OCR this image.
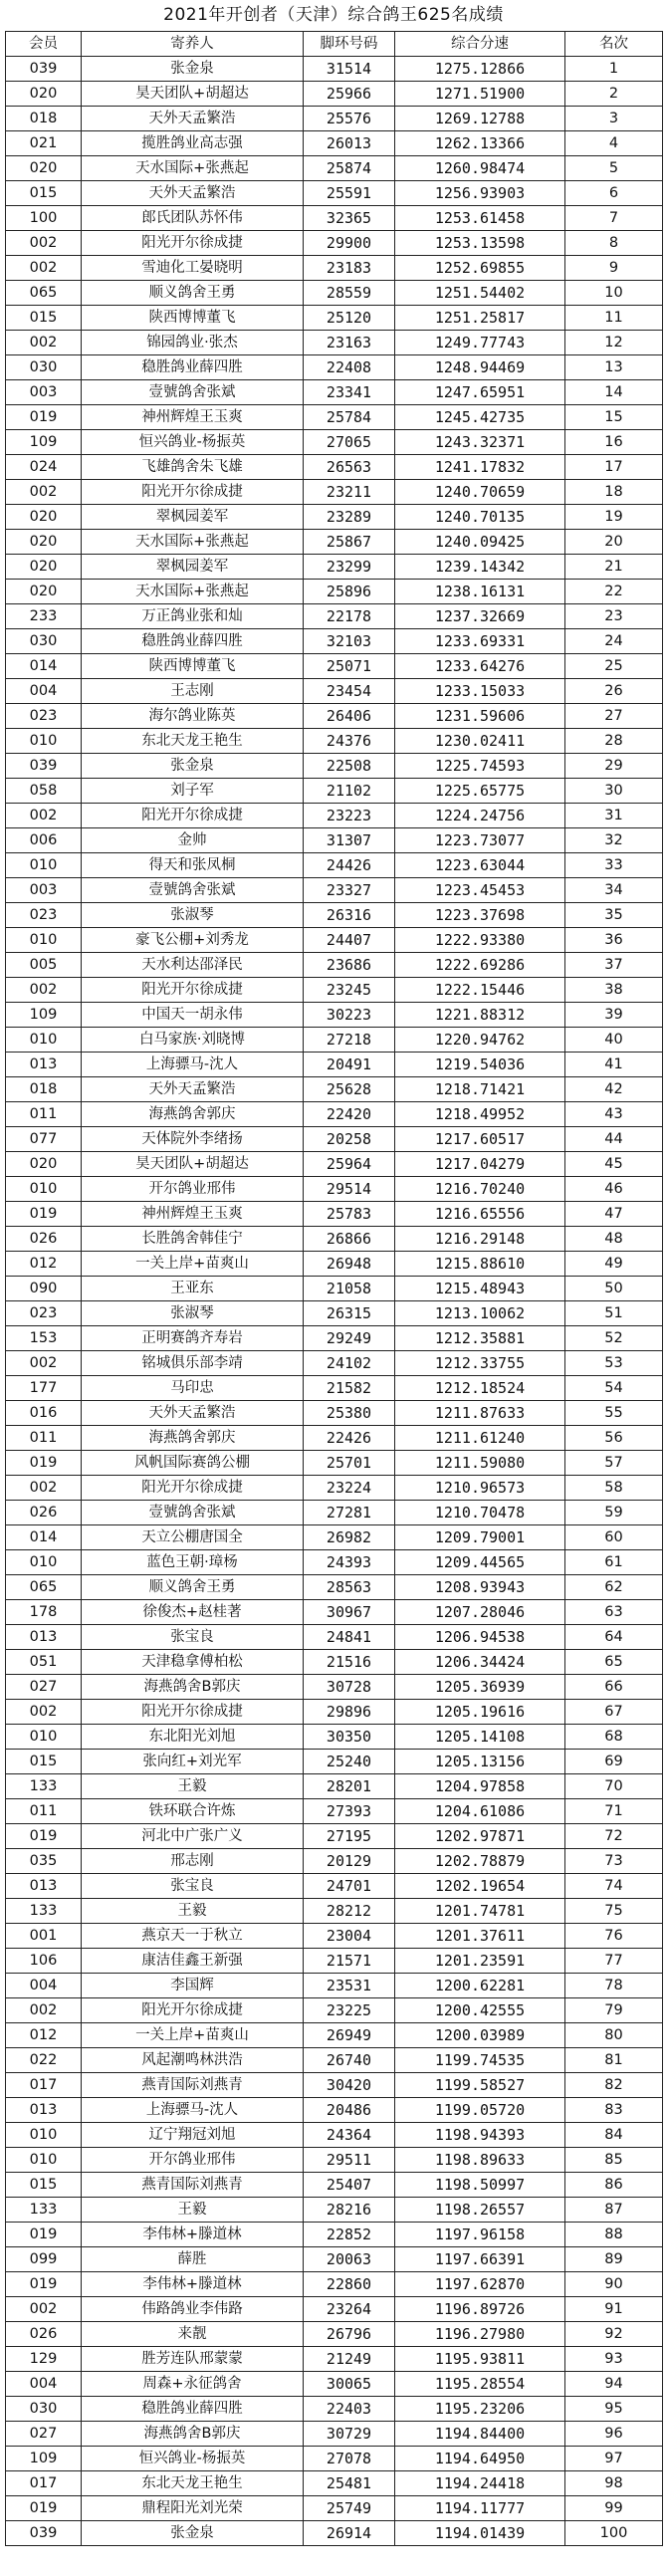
2021年开创者（天津）综合鸽王625名成绩
会员	寄养人	脚环号码	综合分速	名次
039	张金泉	31514	1275.12866	1
020	昊天团队+胡超达	25966	1271.51900	2
018	天外天孟繁浩	25576	1269.12788	3
021	揽胜鸽业高志强	26013	1262.13366	4
020	天水国际+张燕起	25874	1260.98474	5
015	天外天孟繁浩	25591	1256.93903	6
100	郎氏团队苏怀伟	32365	1253.61458	7
002	阳光开尔徐成捷	29900	1253.13598	8
002	雪迪化工晏晓明	23183	1252.69855	9
065	顺义鸽舍王勇	28559	1251.54402	10
015	陕西博博董飞	25120	1251.25817	11
002	锦园鸽业·张杰	23163	1249.77743	12
030	稳胜鸽业薛四胜	22408	1248.94469	13
003	壹號鸽舍张斌	23341	1247.65951	14
019	神州辉煌王玉爽	25784	1245.42735	15
109	恒兴鸽业-杨振英	27065	1243.32371	16
024	飞雄鸽舍朱飞雄	26563	1241.17832	17
002	阳光开尔徐成捷	23211	1240.70659	18
020	翠枫园姜军	23289	1240.70135	19
020	天水国际+张燕起	25867	1240.09425	20
020	翠枫园姜军	23299	1239.14342	21
020	天水国际+张燕起	25896	1238.16131	22
233	万正鸽业张和灿	22178	1237.32669	23
030	稳胜鸽业薛四胜	32103	1233.69331	24
014	陕西博博董飞	25071	1233.64276	25
004	王志刚	23454	1233.15033	26
023	海尔鸽业陈英	26406	1231.59606	27
010	东北天龙王艳生	24376	1230.02411	28
039	张金泉	22508	1225.74593	29
058	刘子军	21102	1225.65775	30
002	阳光开尔徐成捷	23223	1224.24756	31
006	金帅	31307	1223.73077	32
010	得天和张凤桐	24426	1223.63044	33
003	壹號鸽舍张斌	23327	1223.45453	34
023	张淑琴	26316	1223.37698	35
010	豪飞公棚+刘秀龙	24407	1222.93380	36
005	天水利达邵泽民	23686	1222.69286	37
002	阳光开尔徐成捷	23245	1222.15446	38
109	中国天一胡永伟	30223	1221.88312	39
010	白马家族·刘晓博	27218	1220.94762	40
013	上海骠马-沈人	20491	1219.54036	41
018	天外天孟繁浩	25628	1218.71421	42
011	海燕鸽舍郭庆	22420	1218.49952	43
077	天体院外李绪扬	20258	1217.60517	44
020	昊天团队+胡超达	25964	1217.04279	45
010	开尔鸽业邢伟	29514	1216.70240	46
019	神州辉煌王玉爽	25783	1216.65556	47
026	长胜鸽舍韩佳宁	26866	1216.29148	48
012	一关上岸+苗爽山	26948	1215.88610	49
090	王亚东	21058	1215.48943	50
023	张淑琴	26315	1213.10062	51
153	正明赛鸽齐寿岩	29249	1212.35881	52
002	铭城俱乐部李靖	24102	1212.33755	53
177	马印忠	21582	1212.18524	54
016	天外天孟繁浩	25380	1211.87633	55
011	海燕鸽舍郭庆	22426	1211.61240	56
019	风帆国际赛鸽公棚	25701	1211.59080	57
002	阳光开尔徐成捷	23224	1210.96573	58
026	壹號鸽舍张斌	27281	1210.70478	59
014	天立公棚唐国全	26982	1209.79001	60
010	蓝色王朝·璋杨	24393	1209.44565	61
065	顺义鸽舍王勇	28563	1208.93943	62
178	徐俊杰+赵桂著	30967	1207.28046	63
013	张宝良	24841	1206.94538	64
051	天津稳拿傅柏松	21516	1206.34424	65
027	海燕鸽舍B郭庆	30728	1205.36939	66
002	阳光开尔徐成捷	29896	1205.19616	67
010	东北阳光刘旭	30350	1205.14108	68
015	张向红+刘光军	25240	1205.13156	69
133	王毅	28201	1204.97858	70
011	铁环联合许炼	27393	1204.61086	71
019	河北中广张广义	27195	1202.97871	72
035	邢志刚	20129	1202.78879	73
013	张宝良	24701	1202.19654	74
133	王毅	28212	1201.74781	75
001	燕京天一于秋立	23004	1201.37611	76
106	康洁佳鑫王新强	21571	1201.23591	77
004	李国辉	23531	1200.62281	78
002	阳光开尔徐成捷	23225	1200.42555	79
012	一关上岸+苗爽山	26949	1200.03989	80
022	风起潮鸣林洪浩	26740	1199.74535	81
017	燕青国际刘燕青	30420	1199.58527	82
013	上海骠马-沈人	20486	1199.05720	83
010	辽宁翔冠刘旭	24364	1198.94393	84
010	开尔鸽业邢伟	29511	1198.89633	85
015	燕青国际刘燕青	25407	1198.50997	86
133	王毅	28216	1198.26557	87
019	李伟林+滕道林	22852	1197.96158	88
099	薛胜	20063	1197.66391	89
019	李伟林+滕道林	22860	1197.62870	90
002	伟路鸽业李伟路	23264	1196.89726	91
026	来靓	26796	1196.27980	92
129	胜芳连队邢蒙蒙	21249	1195.93811	93
004	周森+永征鸽舍	30065	1195.28554	94
030	稳胜鸽业薛四胜	22403	1195.23206	95
027	海燕鸽舍B郭庆	30729	1194.84400	96
109	恒兴鸽业-杨振英	27078	1194.64950	97
017	东北天龙王艳生	25481	1194.24418	98
019	鼎程阳光刘光荣	25749	1194.11777	99
039	张金泉	26914	1194.01439	100
